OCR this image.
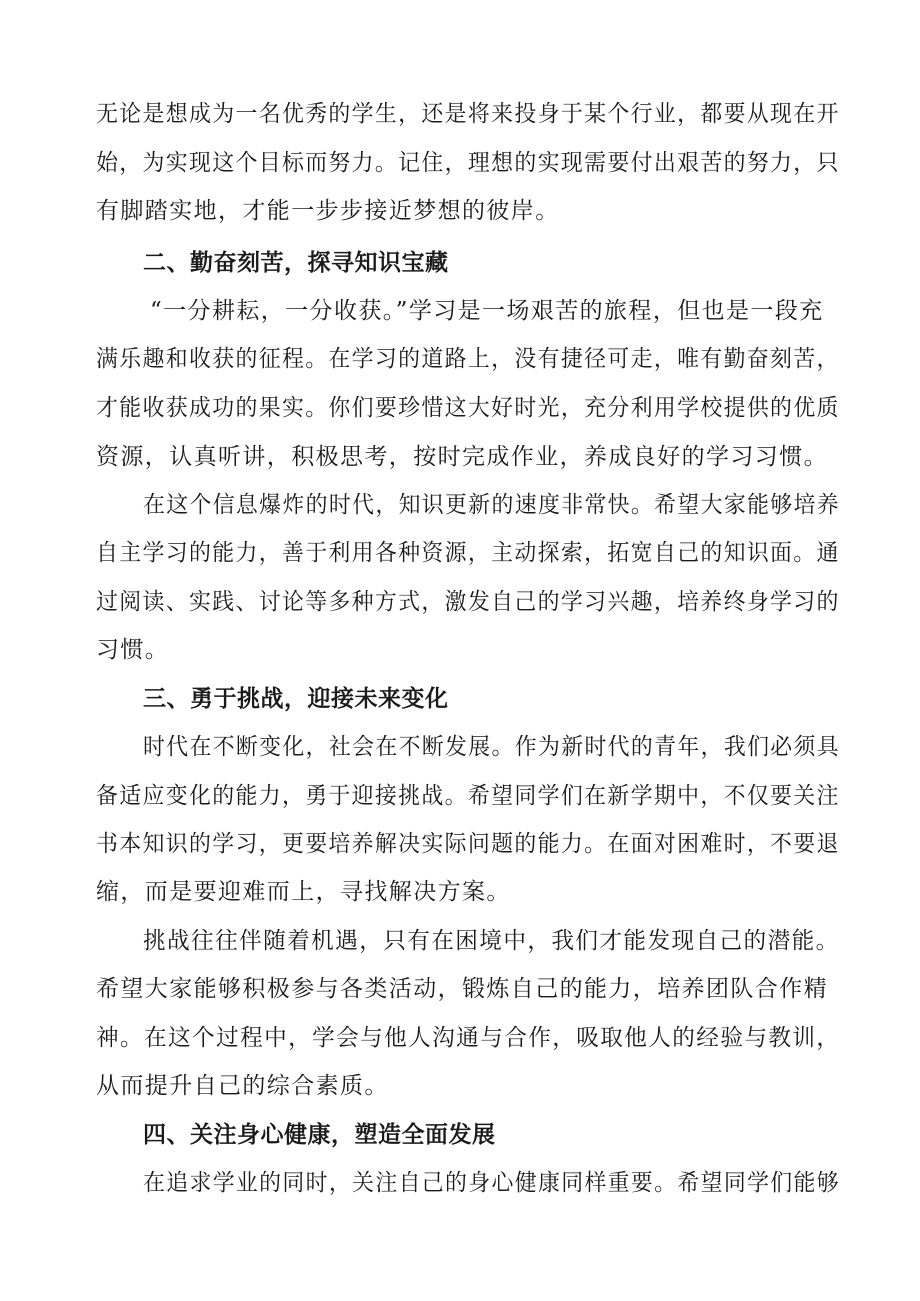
无论是想成为一名优秀的学生，还是将来投身于某个行业，都要从现在开
始，为实现这个目标而努力。记住，理想的实现需要付出艰苦的努力，只
有脚踏实地，才能一步步接近梦想的彼岸。
二、勤奋刻苦，探寻知识宝藏
“一分耕耘，一分收获。”学习是一场艰苦的旅程，但也是一段充
满乐趣和收获的征程。在学习的道路上，没有捷径可走，唯有勤奋刻苦，
才能收获成功的果实。你们要珍惜这大好时光，充分利用学校提供的优质
资源，认真听讲，积极思考，按时完成作业，养成良好的学习习惯。
在这个信息爆炸的时代，知识更新的速度非常快。希望大家能够培养
自主学习的能力，善于利用各种资源，主动探索，拓宽自己的知识面。通
过阅读、实践、讨论等多种方式，激发自己的学习兴趣，培养终身学习的
习惯。
三、勇于挑战，迎接未来变化
时代在不断变化，社会在不断发展。作为新时代的青年，我们必须具
备适应变化的能力，勇于迎接挑战。希望同学们在新学期中，不仅要关注
书本知识的学习，更要培养解决实际问题的能力。在面对困难时，不要退
缩，而是要迎难而上，寻找解决方案。
挑战往往伴随着机遇，只有在困境中，我们才能发现自己的潜能。
希望大家能够积极参与各类活动，锻炼自己的能力，培养团队合作精
神。在这个过程中，学会与他人沟通与合作，吸取他人的经验与教训，
从而提升自己的综合素质。
四、关注身心健康，塑造全面发展
在追求学业的同时，关注自己的身心健康同样重要。希望同学们能够
